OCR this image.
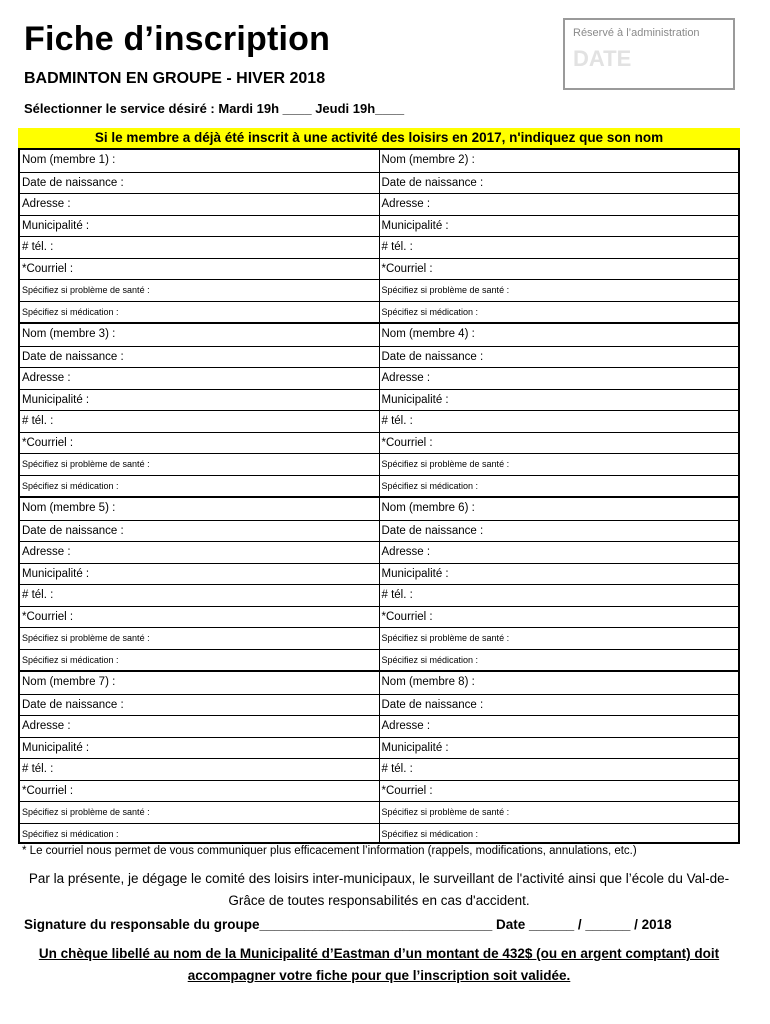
Fiche d’inscription
BADMINTON EN GROUPE - HIVER 2018
Sélectionner le service désiré : Mardi 19h ____ Jeudi 19h____
Réservé à l’administration
DATE
Si le membre a déjà été inscrit à une activité des loisirs en 2017, n'indiquez que son nom
Nom (membre 1) :
Date de naissance :
Adresse :
Municipalité :
# tél. :
*Courriel :
Spécifiez si problème de santé :
Spécifiez si médication :
Nom (membre 3) :
Date de naissance :
Adresse :
Municipalité :
# tél. :
*Courriel :
Spécifiez si problème de santé :
Spécifiez si médication :
Nom (membre 5) :
Date de naissance :
Adresse :
Municipalité :
# tél. :
*Courriel :
Spécifiez si problème de santé :
Spécifiez si médication :
Nom (membre 7) :
Date de naissance :
Adresse :
Municipalité :
# tél. :
*Courriel :
Spécifiez si problème de santé :
Spécifiez si médication :
Nom (membre 2) :
Date de naissance :
Adresse :
Municipalité :
# tél. :
*Courriel :
Spécifiez si problème de santé :
Spécifiez si médication :
Nom (membre 4) :
Date de naissance :
Adresse :
Municipalité :
# tél. :
*Courriel :
Spécifiez si problème de santé :
Spécifiez si médication :
Nom (membre 6) :
Date de naissance :
Adresse :
Municipalité :
# tél. :
*Courriel :
Spécifiez si problème de santé :
Spécifiez si médication :
Nom (membre 8) :
Date de naissance :
Adresse :
Municipalité :
# tél. :
*Courriel :
Spécifiez si problème de santé :
Spécifiez si médication :
* Le courriel nous permet de vous communiquer plus efficacement l’information (rappels, modifications, annulations, etc.)
Par la présente, je dégage le comité des loisirs inter-municipaux, le surveillant de l'activité ainsi que l’école du Val-de-Grâce de toutes responsabilités en cas d'accident.
Signature du responsable du groupe_______________________________ Date ______ / ______ / 2018
Un chèque libellé au nom de la Municipalité d’Eastman d’un montant de 432$ (ou en argent comptant) doit accompagner votre fiche pour que l’inscription soit validée.
